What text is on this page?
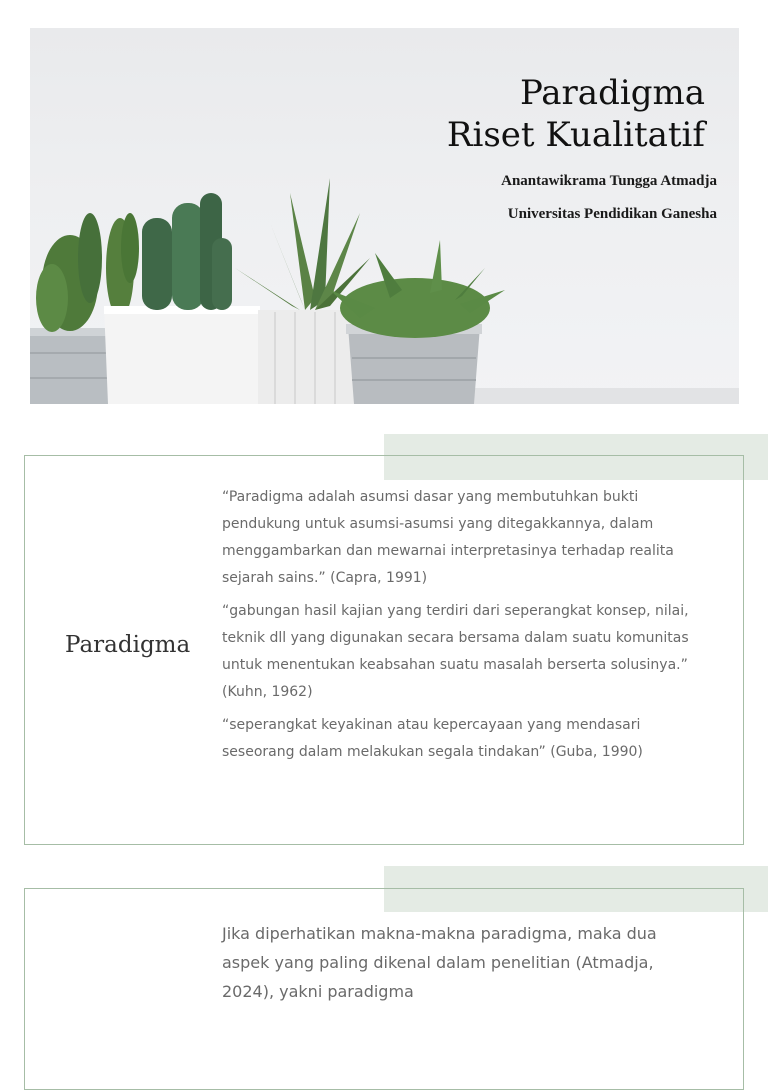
Paradigma
Riset Kualitatif
Anantawikrama Tungga Atmadja
Universitas Pendidikan Ganesha
Paradigma
“Paradigma adalah asumsi dasar yang membutuhkan bukti pendukung untuk asumsi-asumsi yang ditegakkannya, dalam menggambarkan dan mewarnai interpretasinya terhadap realita sejarah sains.” (Capra, 1991)
“gabungan hasil kajian yang terdiri dari seperangkat konsep, nilai, teknik dll yang digunakan secara bersama dalam suatu komunitas untuk menentukan keabsahan suatu masalah berserta solusinya.” (Kuhn, 1962)
“seperangkat keyakinan atau kepercayaan yang mendasari seseorang dalam melakukan segala tindakan” (Guba, 1990)
Jika diperhatikan makna-makna paradigma, maka dua aspek yang paling dikenal dalam penelitian (Atmadja, 2024), yakni paradigma
